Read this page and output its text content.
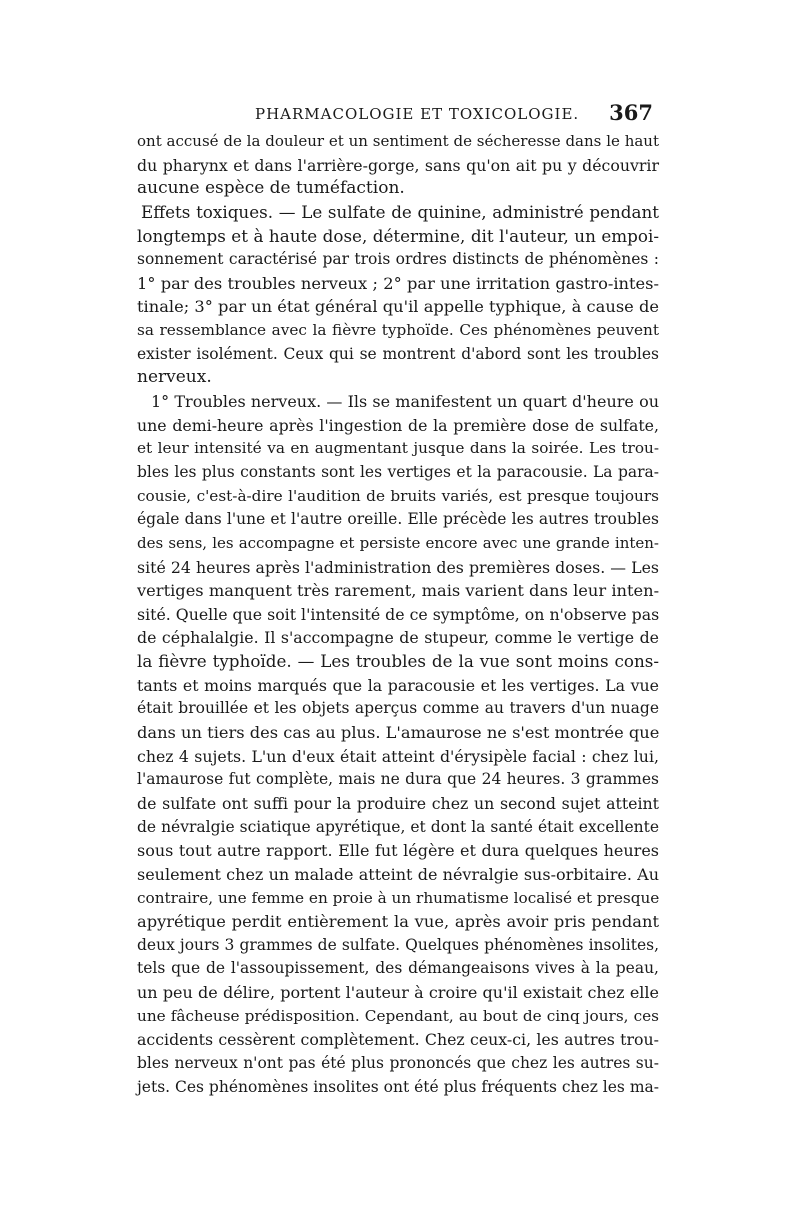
PHARMACOLOGIE ET TOXICOLOGIE. 367
ont accusé de la douleur et un sentiment de sécheresse dans le haut
du pharynx et dans l'arrière-gorge, sans qu'on ait pu y découvrir
aucune espèce de tuméfaction.
Effets toxiques. — Le sulfate de quinine, administré pendant
longtemps et à haute dose, détermine, dit l'auteur, un empoi-
sonnement caractérisé par trois ordres distincts de phénomènes :
1° par des troubles nerveux ; 2° par une irritation gastro-intes-
tinale; 3° par un état général qu'il appelle typhique, à cause de
sa ressemblance avec la fièvre typhoïde. Ces phénomènes peuvent
exister isolément. Ceux qui se montrent d'abord sont les troubles
nerveux.
1° Troubles nerveux. — Ils se manifestent un quart d'heure ou
une demi-heure après l'ingestion de la première dose de sulfate,
et leur intensité va en augmentant jusque dans la soirée. Les trou-
bles les plus constants sont les vertiges et la paracousie. La para-
cousie, c'est-à-dire l'audition de bruits variés, est presque toujours
égale dans l'une et l'autre oreille. Elle précède les autres troubles
des sens, les accompagne et persiste encore avec une grande inten-
sité 24 heures après l'administration des premières doses. — Les
vertiges manquent très rarement, mais varient dans leur inten-
sité. Quelle que soit l'intensité de ce symptôme, on n'observe pas
de céphalalgie. Il s'accompagne de stupeur, comme le vertige de
la fièvre typhoïde. — Les troubles de la vue sont moins cons-
tants et moins marqués que la paracousie et les vertiges. La vue
était brouillée et les objets aperçus comme au travers d'un nuage
dans un tiers des cas au plus. L'amaurose ne s'est montrée que
chez 4 sujets. L'un d'eux était atteint d'érysipèle facial : chez lui,
l'amaurose fut complète, mais ne dura que 24 heures. 3 grammes
de sulfate ont suffi pour la produire chez un second sujet atteint
de névralgie sciatique apyrétique, et dont la santé était excellente
sous tout autre rapport. Elle fut légère et dura quelques heures
seulement chez un malade atteint de névralgie sus-orbitaire. Au
contraire, une femme en proie à un rhumatisme localisé et presque
apyrétique perdit entièrement la vue, après avoir pris pendant
deux jours 3 grammes de sulfate. Quelques phénomènes insolites,
tels que de l'assoupissement, des démangeaisons vives à la peau,
un peu de délire, portent l'auteur à croire qu'il existait chez elle
une fâcheuse prédisposition. Cependant, au bout de cinq jours, ces
accidents cessèrent complètement. Chez ceux-ci, les autres trou-
bles nerveux n'ont pas été plus prononcés que chez les autres su-
jets. Ces phénomènes insolites ont été plus fréquents chez les ma-
